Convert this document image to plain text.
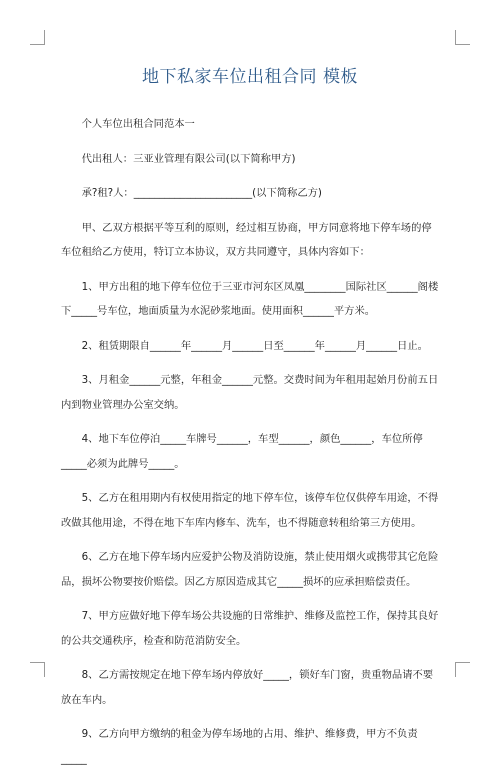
地下私家车位出租合同 模板

个人车位出租合同范本一

代出租人：三亚业管理有限公司(以下简称甲方)

承?租?人：_______________________(以下简称乙方)

甲、乙双方根据平等互利的原则，经过相互协商，甲方同意将地下停车场的停车位租给乙方使用，特订立本协议，双方共同遵守，具体内容如下：

1、甲方出租的地下停车位位于三亚市河东区凤凰________国际社区______阁楼下_____号车位，地面质量为水泥砂浆地面。使用面积______平方米。

2、租赁期限自______年______月______日至______年______月______日止。

3、月租金______元整，年租金______元整。交费时间为年租用起始月份前五日内到物业管理办公室交纳。

4、地下车位停泊_____车牌号______，车型______，颜色______，车位所停_____必须为此牌号_____。

5、乙方在租用期内有权使用指定的地下停车位，该停车位仅供停车用途，不得改做其他用途，不得在地下车库内修车、洗车，也不得随意转租给第三方使用。

6、乙方在地下停车场内应爱护公物及消防设施，禁止使用烟火或携带其它危险品，损坏公物要按价赔偿。因乙方原因造成其它_____损坏的应承担赔偿责任。

7、甲方应做好地下停车场公共设施的日常维护、维修及监控工作，保持其良好的公共交通秩序，检查和防范消防安全。

8、乙方需按规定在地下停车场内停放好_____，锁好车门窗，贵重物品请不要放在车内。

9、乙方向甲方缴纳的租金为停车场地的占用、维护、维修费，甲方不负责_____
